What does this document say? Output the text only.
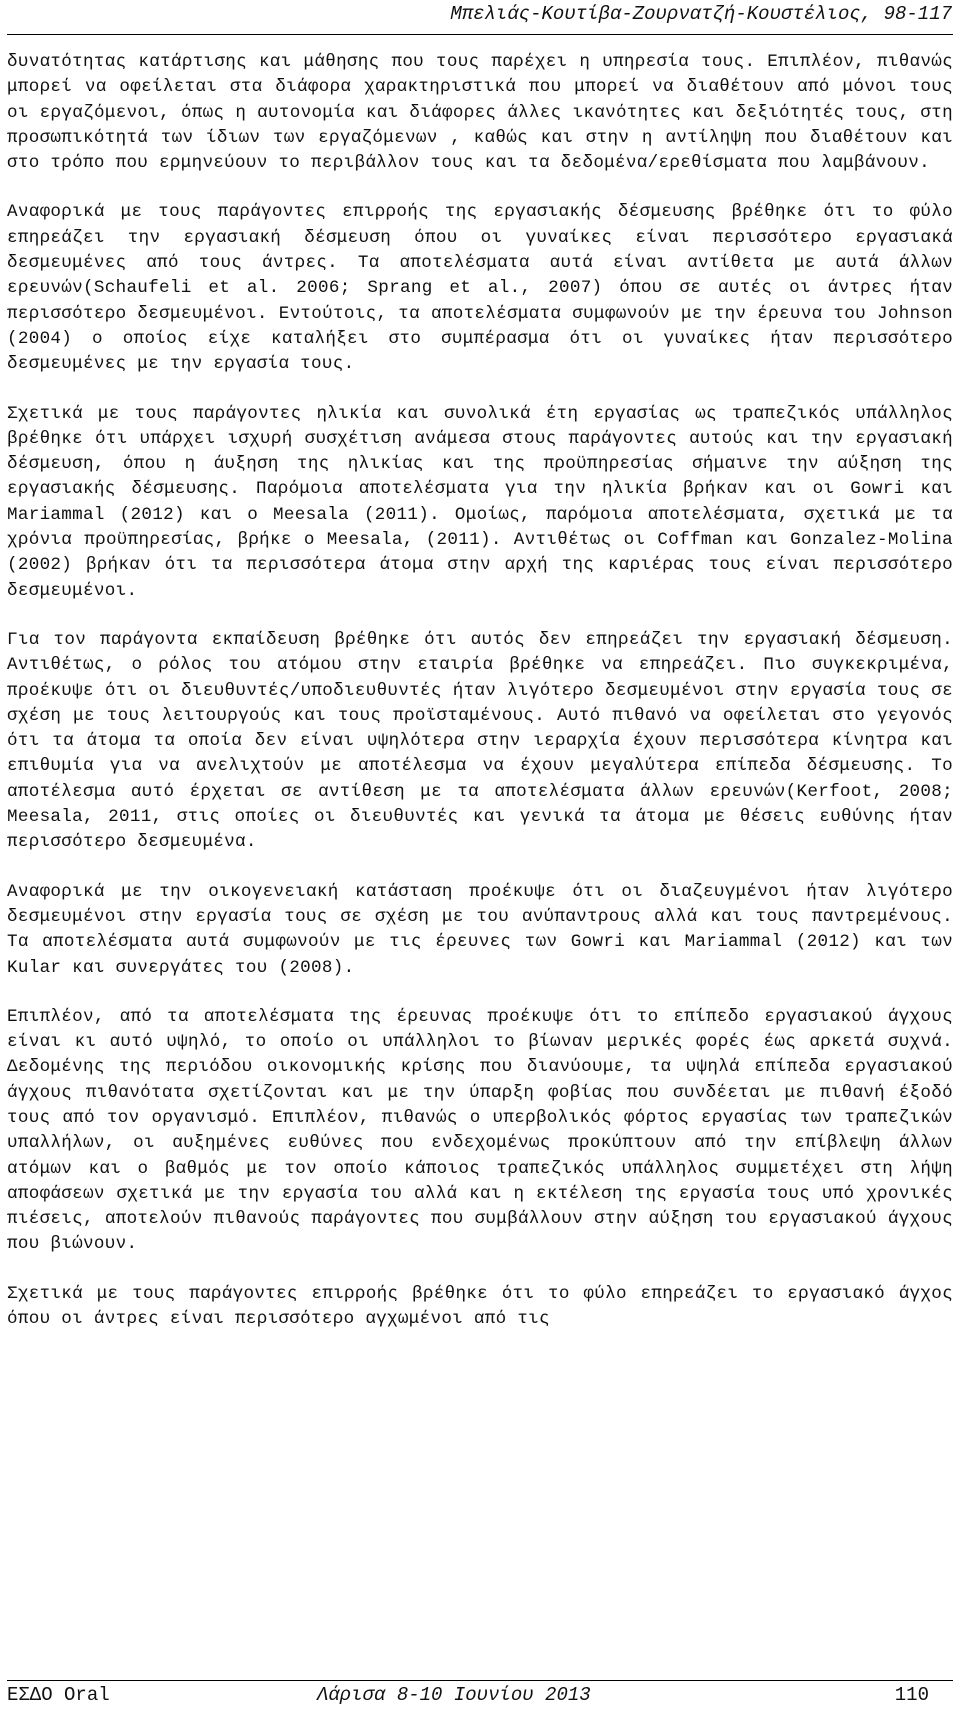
Μπελιάς-Κουτίβα-Ζουρνατζή-Κουστέλιος, 98-117

δυνατότητας κατάρτισης και μάθησης που τους παρέχει η υπηρεσία τους. Επιπλέον, πιθανώς μπορεί να οφείλεται στα διάφορα χαρακτηριστικά που μπορεί να διαθέτουν από μόνοι τους οι εργαζόμενοι, όπως η αυτονομία και διάφορες άλλες ικανότητες και δεξιότητές τους, στη προσωπικότητά των ίδιων των εργαζόμενων , καθώς και στην η αντίληψη που διαθέτουν και στο τρόπο που ερμηνεύουν το περιβάλλον τους και τα δεδομένα/ερεθίσματα που λαμβάνουν.

Αναφορικά με τους παράγοντες επιρροής της εργασιακής δέσμευσης βρέθηκε ότι το φύλο επηρεάζει την εργασιακή δέσμευση όπου οι γυναίκες είναι περισσότερο εργασιακά δεσμευμένες από τους άντρες. Τα αποτελέσματα αυτά είναι αντίθετα με αυτά άλλων ερευνών(Schaufeli et al. 2006; Sprang et al., 2007) όπου σε αυτές οι άντρες ήταν περισσότερο δεσμευμένοι. Εντούτοις, τα αποτελέσματα συμφωνούν με την έρευνα του Johnson (2004) ο οποίος είχε καταλήξει στο συμπέρασμα ότι οι γυναίκες ήταν περισσότερο δεσμευμένες με την εργασία τους.

Σχετικά με τους παράγοντες ηλικία και συνολικά έτη εργασίας ως τραπεζικός υπάλληλος βρέθηκε ότι υπάρχει ισχυρή συσχέτιση ανάμεσα στους παράγοντες αυτούς και την εργασιακή δέσμευση, όπου η άυξηση της ηλικίας και της προϋπηρεσίας σήμαινε την αύξηση της εργασιακής δέσμευσης. Παρόμοια αποτελέσματα για την ηλικία βρήκαν και οι Gowri και Mariammal (2012) και ο Meesala (2011). Ομοίως, παρόμοια αποτελέσματα, σχετικά με τα χρόνια προϋπηρεσίας, βρήκε ο Meesala, (2011). Αντιθέτως οι Coffman και Gonzalez-Molina (2002) βρήκαν ότι τα περισσότερα άτομα στην αρχή της καριέρας τους είναι περισσότερο δεσμευμένοι.

Για τον παράγοντα εκπαίδευση βρέθηκε ότι αυτός δεν επηρεάζει την εργασιακή δέσμευση. Αντιθέτως, ο ρόλος του ατόμου στην εταιρία βρέθηκε να επηρεάζει. Πιο συγκεκριμένα, προέκυψε ότι οι διευθυντές/υποδιευθυντές ήταν λιγότερο δεσμευμένοι στην εργασία τους σε σχέση με τους λειτουργούς και τους προϊσταμένους. Αυτό πιθανό να οφείλεται στο γεγονός ότι τα άτομα τα οποία δεν είναι υψηλότερα στην ιεραρχία έχουν περισσότερα κίνητρα και επιθυμία για να ανελιχτούν με αποτέλεσμα να έχουν μεγαλύτερα επίπεδα δέσμευσης. Το αποτέλεσμα αυτό έρχεται σε αντίθεση με τα αποτελέσματα άλλων ερευνών(Kerfoot, 2008; Meesala, 2011, στις οποίες οι διευθυντές και γενικά τα άτομα με θέσεις ευθύνης ήταν περισσότερο δεσμευμένα.

Αναφορικά με την οικογενειακή κατάσταση προέκυψε ότι οι διαζευγμένοι ήταν λιγότερο δεσμευμένοι στην εργασία τους σε σχέση με του ανύπαντρους αλλά και τους παντρεμένους. Τα αποτελέσματα αυτά συμφωνούν με τις έρευνες των Gowri και Mariammal (2012) και των Kular και συνεργάτες του (2008).

Επιπλέον, από τα αποτελέσματα της έρευνας προέκυψε ότι το επίπεδο εργασιακού άγχους είναι κι αυτό υψηλό, το οποίο οι υπάλληλοι το βίωναν μερικές φορές έως αρκετά συχνά. Δεδομένης της περιόδου οικονομικής κρίσης που διανύουμε, τα υψηλά επίπεδα εργασιακού άγχους πιθανότατα σχετίζονται και με την ύπαρξη φοβίας που συνδέεται με πιθανή έξοδό τους από τον οργανισμό. Επιπλέον, πιθανώς ο υπερβολικός φόρτος εργασίας των τραπεζικών υπαλλήλων, οι αυξημένες ευθύνες που ενδεχομένως προκύπτουν από την επίβλεψη άλλων ατόμων και ο βαθμός με τον οποίο κάποιος τραπεζικός υπάλληλος συμμετέχει στη λήψη αποφάσεων σχετικά με την εργασία του αλλά και η εκτέλεση της εργασία τους υπό χρονικές πιέσεις, αποτελούν πιθανούς παράγοντες που συμβάλλουν στην αύξηση του εργασιακού άγχους που βιώνουν.

Σχετικά με τους παράγοντες επιρροής βρέθηκε ότι το φύλο επηρεάζει το εργασιακό άγχος όπου οι άντρες είναι περισσότερο αγχωμένοι από τις

ΕΣΔΟ Oral	Λάρισα 8-10 Ιουνίου 2013	110
